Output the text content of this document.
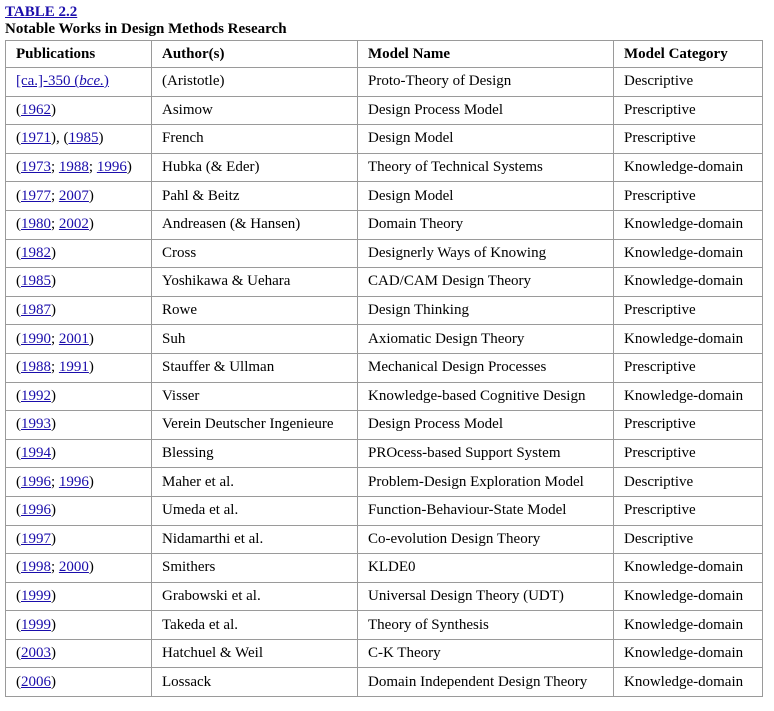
TABLE 2.2
Notable Works in Design Methods Research
Publications	Author(s)	Model Name	Model Category
[ca.]-350 (bce.)	(Aristotle)	Proto-Theory of Design	Descriptive
(1962)	Asimow	Design Process Model	Prescriptive
(1971), (1985)	French	Design Model	Prescriptive
(1973; 1988; 1996)	Hubka (& Eder)	Theory of Technical Systems	Knowledge-domain
(1977; 2007)	Pahl & Beitz	Design Model	Prescriptive
(1980; 2002)	Andreasen (& Hansen)	Domain Theory	Knowledge-domain
(1982)	Cross	Designerly Ways of Knowing	Knowledge-domain
(1985)	Yoshikawa & Uehara	CAD/CAM Design Theory	Knowledge-domain
(1987)	Rowe	Design Thinking	Prescriptive
(1990; 2001)	Suh	Axiomatic Design Theory	Knowledge-domain
(1988; 1991)	Stauffer & Ullman	Mechanical Design Processes	Prescriptive
(1992)	Visser	Knowledge-based Cognitive Design	Knowledge-domain
(1993)	Verein Deutscher Ingenieure	Design Process Model	Prescriptive
(1994)	Blessing	PROcess-based Support System	Prescriptive
(1996; 1996)	Maher et al.	Problem-Design Exploration Model	Descriptive
(1996)	Umeda et al.	Function-Behaviour-State Model	Prescriptive
(1997)	Nidamarthi et al.	Co-evolution Design Theory	Descriptive
(1998; 2000)	Smithers	KLDE0	Knowledge-domain
(1999)	Grabowski et al.	Universal Design Theory (UDT)	Knowledge-domain
(1999)	Takeda et al.	Theory of Synthesis	Knowledge-domain
(2003)	Hatchuel & Weil	C-K Theory	Knowledge-domain
(2006)	Lossack	Domain Independent Design Theory	Knowledge-domain
